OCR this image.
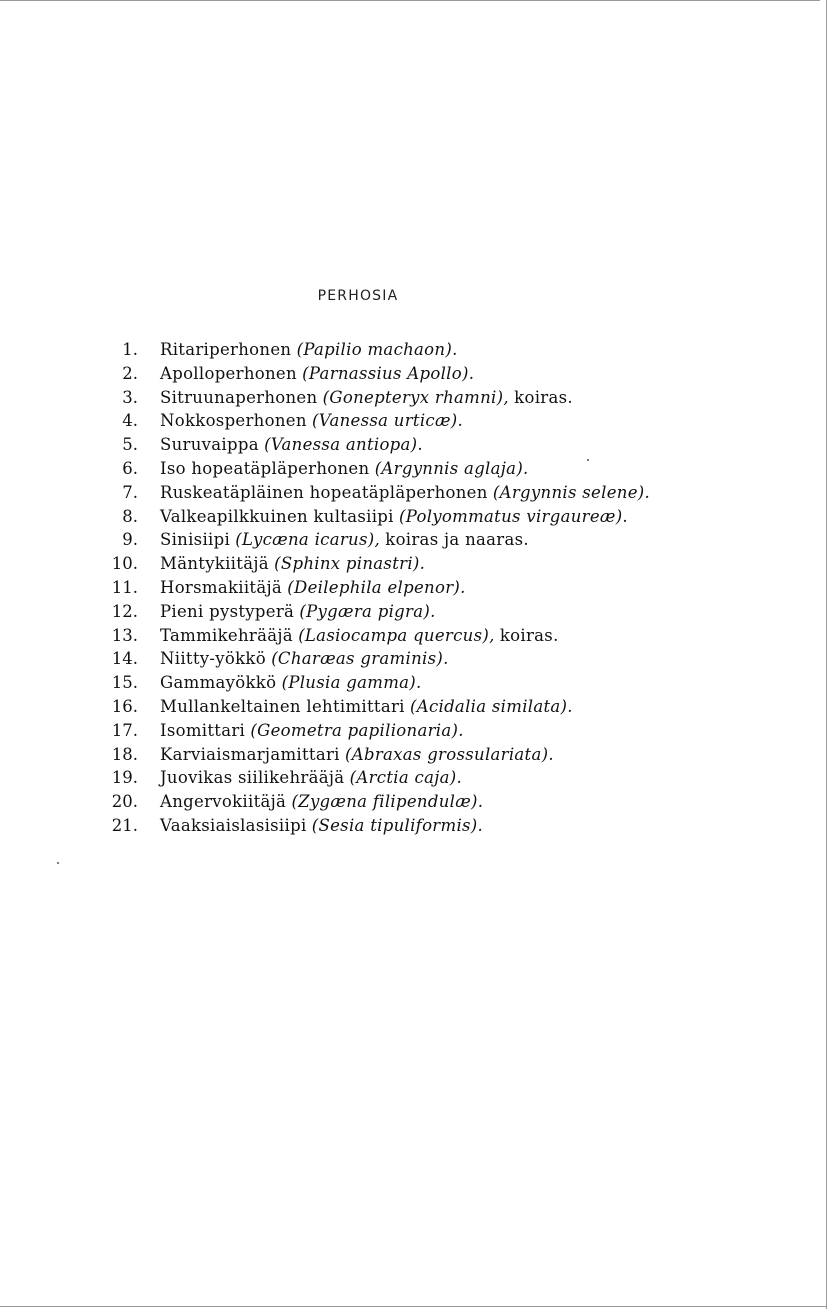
PERHOSIA
1. Ritariperhonen (Papilio machaon).
2. Apolloperhonen (Parnassius Apollo).
3. Sitruunaperhonen (Gonepteryx rhamni), koiras.
4. Nokkosperhonen (Vanessa urticæ).
5. Suruvaippa (Vanessa antiopa).
6. Iso hopeatäpläperhonen (Argynnis aglaja).
7. Ruskeatäpläinen hopeatäpläperhonen (Argynnis selene).
8. Valkeapilkkuinen kultasiipi (Polyommatus virgaureæ).
9. Sinisiipi (Lycæna icarus), koiras ja naaras.
10. Mäntykiitäjä (Sphinx pinastri).
11. Horsmakiitäjä (Deilephila elpenor).
12. Pieni pystyperä (Pygæra pigra).
13. Tammikehrääjä (Lasiocampa quercus), koiras.
14. Niitty-yökkö (Charæas graminis).
15. Gammayökkö (Plusia gamma).
16. Mullankeltainen lehtimittari (Acidalia similata).
17. Isomittari (Geometra papilionaria).
18. Karviaismarjamittari (Abraxas grossulariata).
19. Juovikas siilikehrääjä (Arctia caja).
20. Angervokiitäjä (Zygæna filipendulæ).
21. Vaaksiaislasisiipi (Sesia tipuliformis).
